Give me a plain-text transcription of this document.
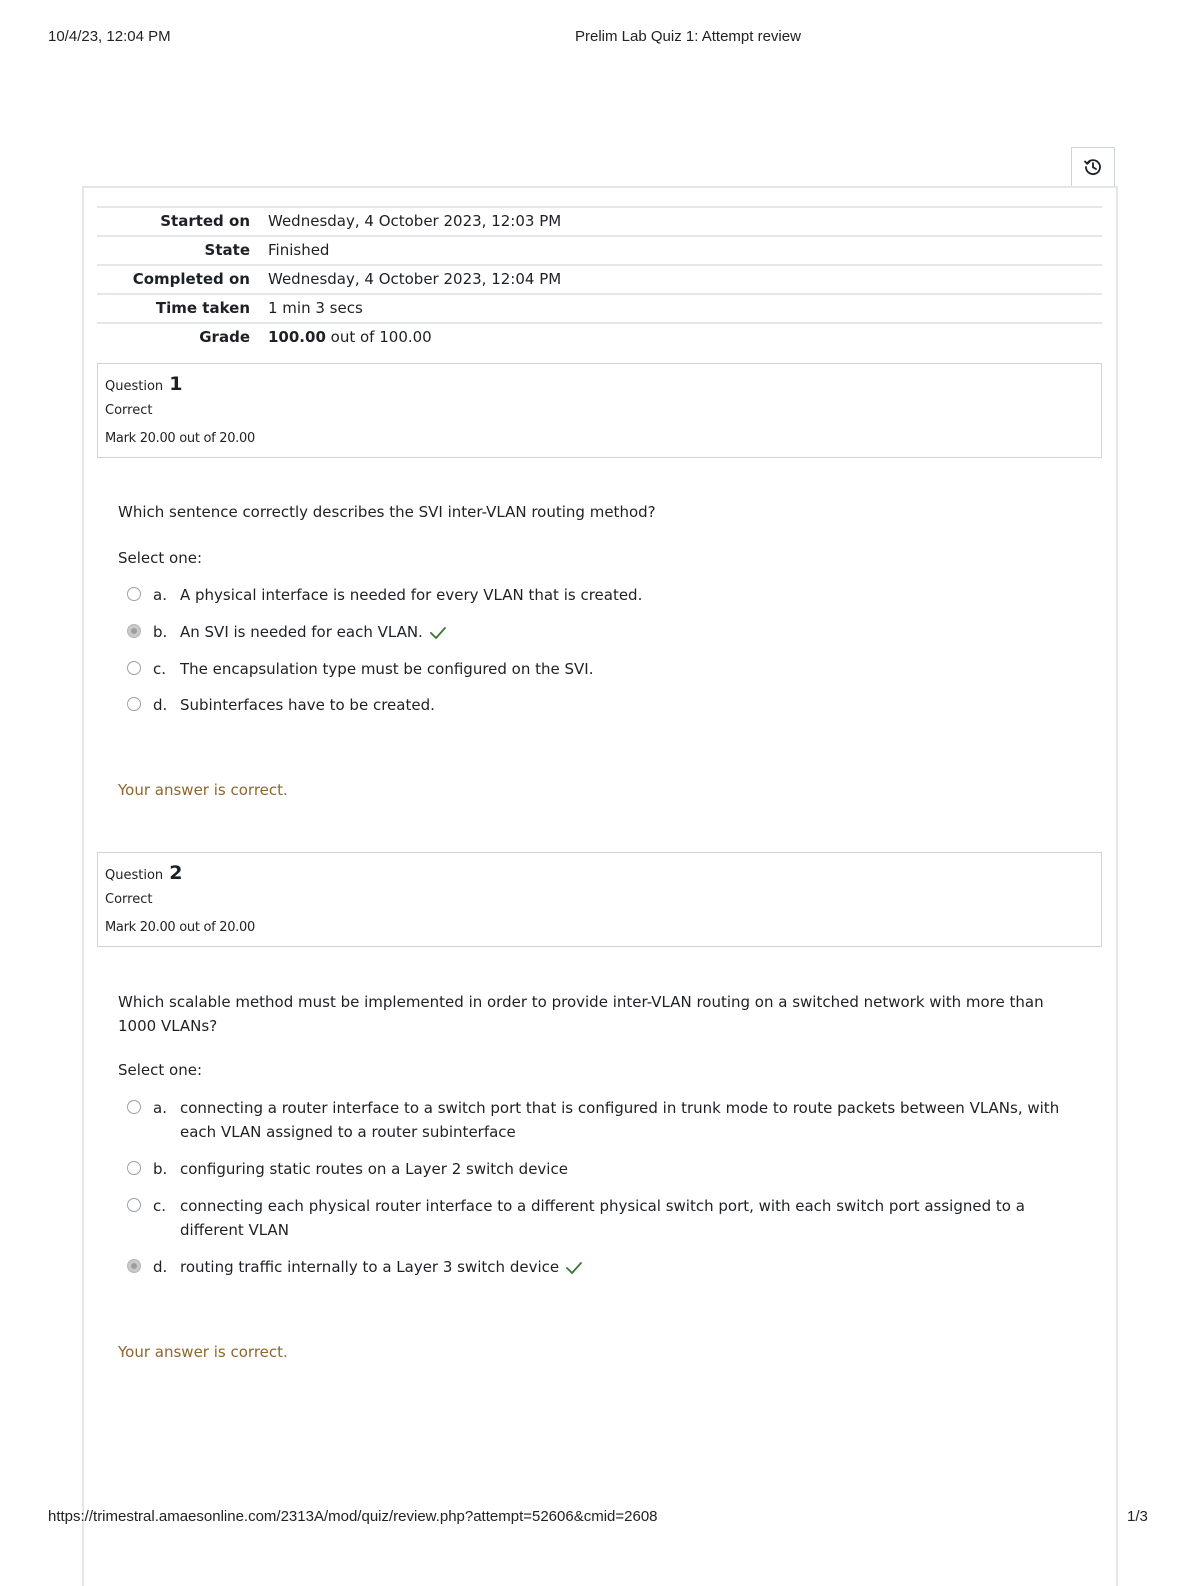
10/4/23, 12:04 PM	Prelim Lab Quiz 1: Attempt review
Started on Wednesday, 4 October 2023, 12:03 PM
State Finished
Completed on Wednesday, 4 October 2023, 12:04 PM
Time taken 1 min 3 secs
Grade 100.00 out of 100.00
Question 1
Correct
Mark 20.00 out of 20.00
Which sentence correctly describes the SVI inter-VLAN routing method?
Select one:
a. A physical interface is needed for every VLAN that is created.
b. An SVI is needed for each VLAN.
c. The encapsulation type must be configured on the SVI.
d. Subinterfaces have to be created.
Your answer is correct.
Question 2
Correct
Mark 20.00 out of 20.00
Which scalable method must be implemented in order to provide inter-VLAN routing on a switched network with more than 1000 VLANs?
Select one:
a. connecting a router interface to a switch port that is configured in trunk mode to route packets between VLANs, with each VLAN assigned to a router subinterface
b. configuring static routes on a Layer 2 switch device
c. connecting each physical router interface to a different physical switch port, with each switch port assigned to a different VLAN
d. routing traffic internally to a Layer 3 switch device
Your answer is correct.
https://trimestral.amaesonline.com/2313A/mod/quiz/review.php?attempt=52606&cmid=2608	1/3
